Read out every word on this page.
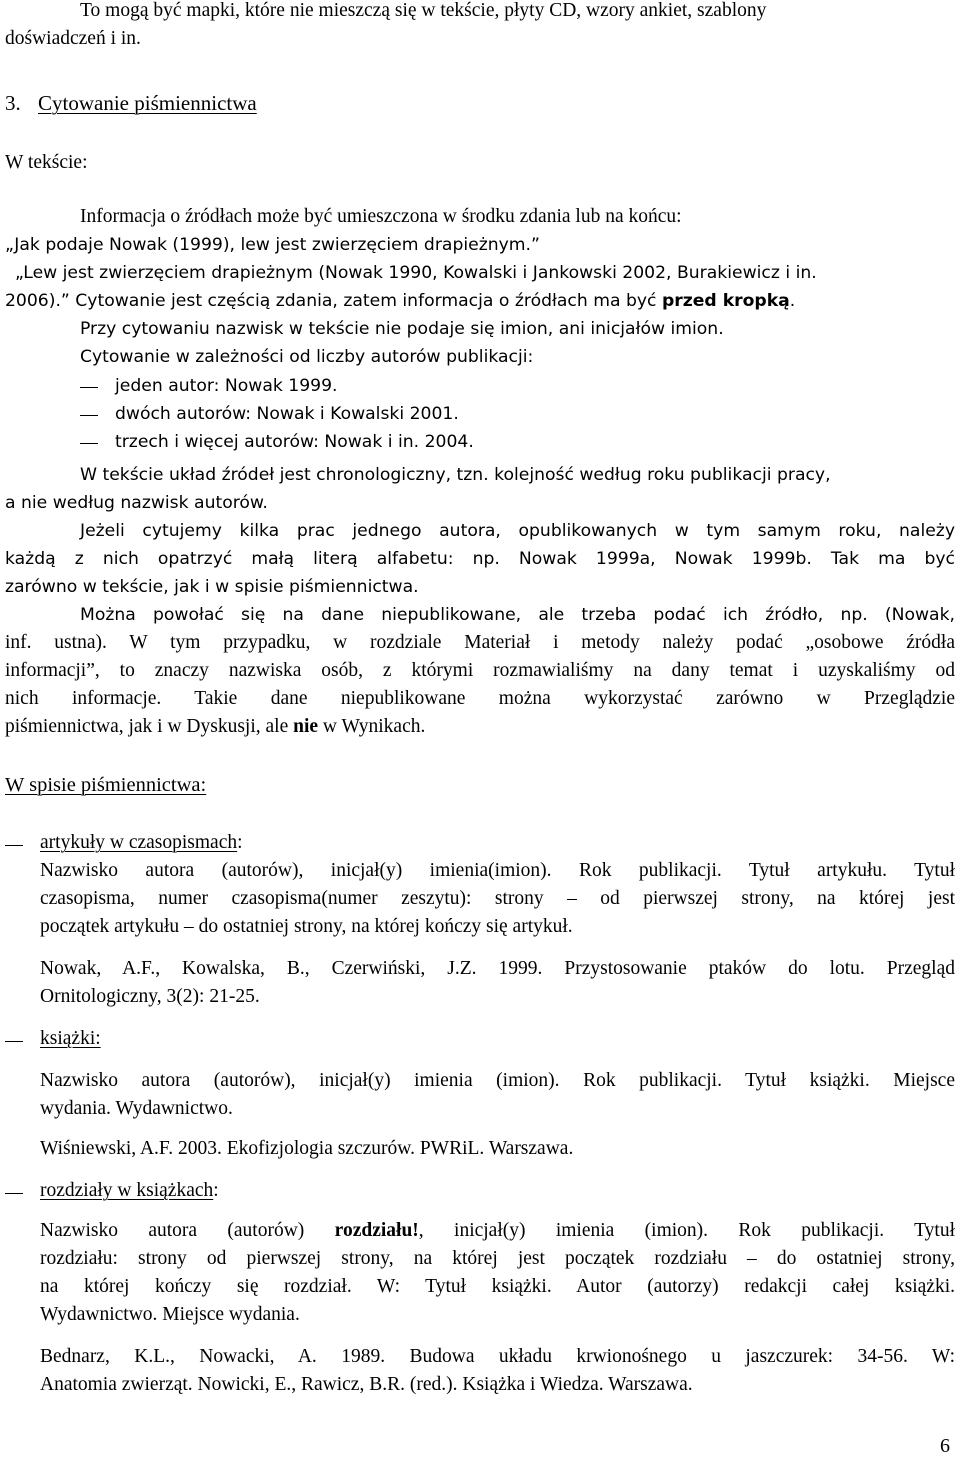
To mogą być mapki, które nie mieszczą się w tekście, płyty CD, wzory ankiet, szablony
doświadczeń i in.
3. Cytowanie piśmiennictwa
W tekście:
Informacja o źródłach może być umieszczona w środku zdania lub na końcu:
„Jak podaje Nowak (1999), lew jest zwierzęciem drapieżnym.”
„Lew jest zwierzęciem drapieżnym (Nowak 1990, Kowalski i Jankowski 2002, Burakiewicz i in.
2006).” Cytowanie jest częścią zdania, zatem informacja o źródłach ma być przed kropką.
Przy cytowaniu nazwisk w tekście nie podaje się imion, ani inicjałów imion.
Cytowanie w zależności od liczby autorów publikacji:
jeden autor: Nowak 1999.
dwóch autorów: Nowak i Kowalski 2001.
trzech i więcej autorów: Nowak i in. 2004.
W tekście układ źródeł jest chronologiczny, tzn. kolejność według roku publikacji pracy,
a nie według nazwisk autorów.
Jeżeli cytujemy kilka prac jednego autora, opublikowanych w tym samym roku, należy
każdą z nich opatrzyć małą literą alfabetu: np. Nowak 1999a, Nowak 1999b. Tak ma być
zarówno w tekście, jak i w spisie piśmiennictwa.
Można powołać się na dane niepublikowane, ale trzeba podać ich źródło, np. (Nowak,
inf. ustna). W tym przypadku, w rozdziale Materiał i metody należy podać „osobowe źródła
informacji”, to znaczy nazwiska osób, z którymi rozmawialiśmy na dany temat i uzyskaliśmy od
nich informacje. Takie dane niepublikowane można wykorzystać zarówno w Przeglądzie
piśmiennictwa, jak i w Dyskusji, ale nie w Wynikach.
W spisie piśmiennictwa:
artykuły w czasopismach:
Nazwisko autora (autorów), inicjał(y) imienia(imion). Rok publikacji. Tytuł artykułu. Tytuł
czasopisma, numer czasopisma(numer zeszytu): strony – od pierwszej strony, na której jest
początek artykułu – do ostatniej strony, na której kończy się artykuł.
Nowak, A.F., Kowalska, B., Czerwiński, J.Z. 1999. Przystosowanie ptaków do lotu. Przegląd
Ornitologiczny, 3(2): 21-25.
książki:
Nazwisko autora (autorów), inicjał(y) imienia (imion). Rok publikacji. Tytuł książki. Miejsce
wydania. Wydawnictwo.
Wiśniewski, A.F. 2003. Ekofizjologia szczurów. PWRiL. Warszawa.
rozdziały w książkach:
Nazwisko autora (autorów) rozdziału!, inicjał(y) imienia (imion). Rok publikacji. Tytuł
rozdziału: strony od pierwszej strony, na której jest początek rozdziału – do ostatniej strony,
na której kończy się rozdział. W: Tytuł książki. Autor (autorzy) redakcji całej książki.
Wydawnictwo. Miejsce wydania.
Bednarz, K.L., Nowacki, A. 1989. Budowa układu krwionośnego u jaszczurek: 34-56. W:
Anatomia zwierząt. Nowicki, E., Rawicz, B.R. (red.). Książka i Wiedza. Warszawa.
6
